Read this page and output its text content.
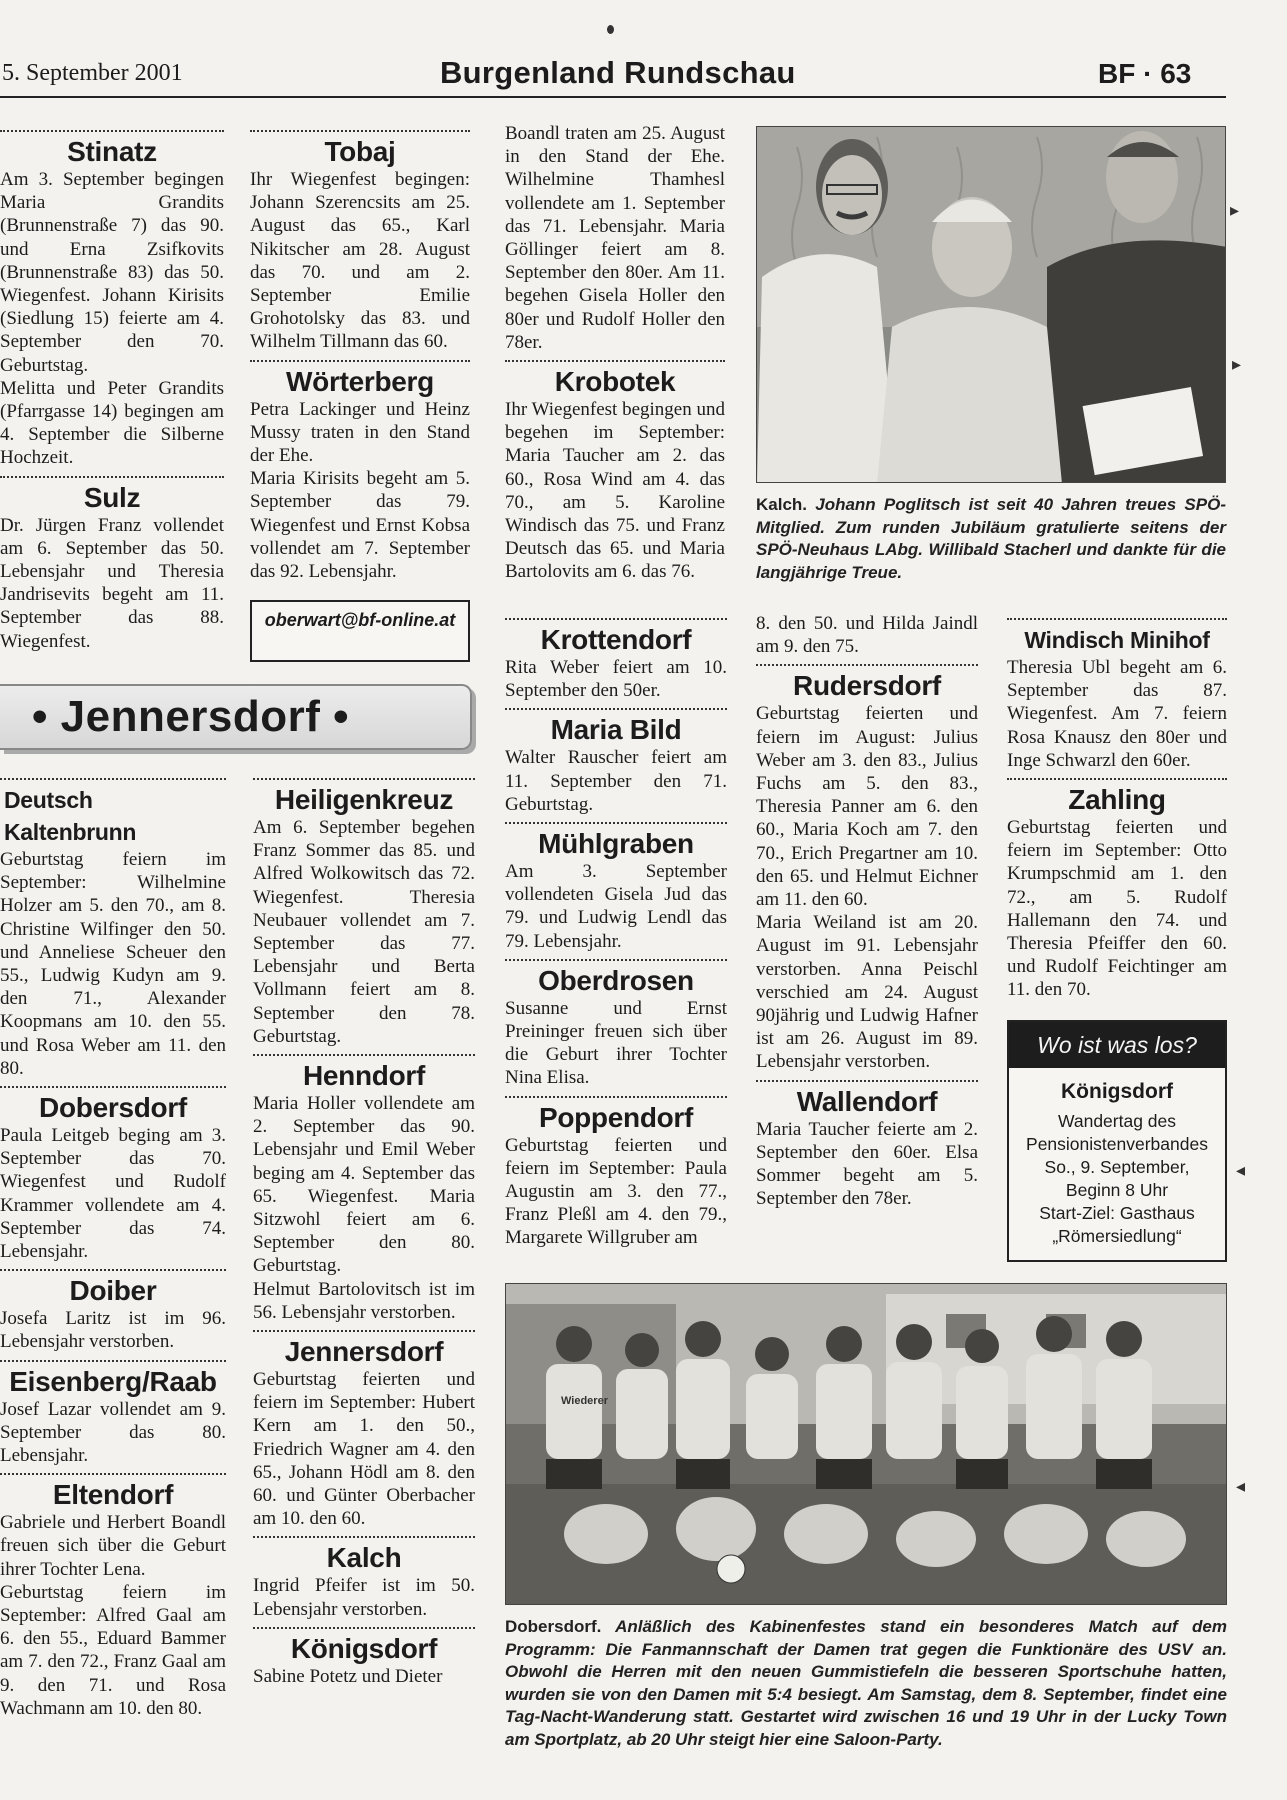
5. September 2001	Burgenland Rundschau	BF · 63
Stinatz
Am 3. September begingen Maria Grandits (Brunnenstraße 7) das 90. und Erna Zsifkovits (Brunnenstraße 83) das 50. Wiegenfest. Johann Kirisits (Siedlung 15) feierte am 4. September den 70. Geburtstag.
Melitta und Peter Grandits (Pfarrgasse 14) begingen am 4. September die Silberne Hochzeit.
Sulz
Dr. Jürgen Franz vollendet am 6. September das 50. Lebensjahr und Theresia Jandrisevits begeht am 11. September das 88. Wiegenfest.
Tobaj
Ihr Wiegenfest begingen: Johann Szerencsits am 25. August das 65., Karl Nikitscher am 28. August das 70. und am 2. September Emilie Grohotolsky das 83. und Wilhelm Tillmann das 60.
Wörterberg
Petra Lackinger und Heinz Mussy traten in den Stand der Ehe.
Maria Kirisits begeht am 5. September das 79. Wiegenfest und Ernst Kobsa vollendet am 7. September das 92. Lebensjahr.
oberwart@bf-online.at
Boandl traten am 25. August in den Stand der Ehe. Wilhelmine Thamhesl vollendete am 1. September das 71. Lebensjahr. Maria Göllinger feiert am 8. September den 80er. Am 11. begehen Gisela Holler den 80er und Rudolf Holler den 78er.
Krobotek
Ihr Wiegenfest begingen und begehen im September: Maria Taucher am 2. das 60., Rosa Wind am 4. das 70., am 5. Karoline Windisch das 75. und Franz Deutsch das 65. und Maria Bartolovits am 6. das 76.
Kalch. Johann Poglitsch ist seit 40 Jahren treues SPÖ-Mitglied. Zum runden Jubiläum gratulierte seitens der SPÖ-Neuhaus LAbg. Willibald Stacherl und dankte für die langjährige Treue.
• Jennersdorf •
Deutsch Kaltenbrunn
Geburtstag feiern im September: Wilhelmine Holzer am 5. den 70., am 8. Christine Wilfinger den 50. und Anneliese Scheuer den 55., Ludwig Kudyn am 9. den 71., Alexander Koopmans am 10. den 55. und Rosa Weber am 11. den 80.
Dobersdorf
Paula Leitgeb beging am 3. September das 70. Wiegenfest und Rudolf Krammer vollendete am 4. September das 74. Lebensjahr.
Doiber
Josefa Laritz ist im 96. Lebensjahr verstorben.
Eisenberg/Raab
Josef Lazar vollendet am 9. September das 80. Lebensjahr.
Eltendorf
Gabriele und Herbert Boandl freuen sich über die Geburt ihrer Tochter Lena.
Geburtstag feiern im September: Alfred Gaal am 6. den 55., Eduard Bammer am 7. den 72., Franz Gaal am 9. den 71. und Rosa Wachmann am 10. den 80.
Heiligenkreuz
Am 6. September begehen Franz Sommer das 85. und Alfred Wolkowitsch das 72. Wiegenfest. Theresia Neubauer vollendet am 7. September das 77. Lebensjahr und Berta Vollmann feiert am 8. September den 78. Geburtstag.
Henndorf
Maria Holler vollendete am 2. September das 90. Lebensjahr und Emil Weber beging am 4. September das 65. Wiegenfest. Maria Sitzwohl feiert am 6. September den 80. Geburtstag.
Helmut Bartolovitsch ist im 56. Lebensjahr verstorben.
Jennersdorf
Geburtstag feierten und feiern im September: Hubert Kern am 1. den 50., Friedrich Wagner am 4. den 65., Johann Hödl am 8. den 60. und Günter Oberbacher am 10. den 60.
Kalch
Ingrid Pfeifer ist im 50. Lebensjahr verstorben.
Königsdorf
Sabine Potetz und Dieter
Krottendorf
Rita Weber feiert am 10. September den 50er.
Maria Bild
Walter Rauscher feiert am 11. September den 71. Geburtstag.
Mühlgraben
Am 3. September vollendeten Gisela Jud das 79. und Ludwig Lendl das 79. Lebensjahr.
Oberdrosen
Susanne und Ernst Preininger freuen sich über die Geburt ihrer Tochter Nina Elisa.
Poppendorf
Geburtstag feierten und feiern im September: Paula Augustin am 3. den 77., Franz Pleßl am 4. den 79., Margarete Willgruber am
8. den 50. und Hilda Jaindl am 9. den 75.
Rudersdorf
Geburtstag feierten und feiern im August: Julius Weber am 3. den 83., Julius Fuchs am 5. den 83., Theresia Panner am 6. den 60., Maria Koch am 7. den 70., Erich Pregartner am 10. den 65. und Helmut Eichner am 11. den 60.
Maria Weiland ist am 20. August im 91. Lebensjahr verstorben. Anna Peischl verschied am 24. August 90jährig und Ludwig Hafner ist am 26. August im 89. Lebensjahr verstorben.
Wallendorf
Maria Taucher feierte am 2. September den 60er. Elsa Sommer begeht am 5. September den 78er.
Windisch Minihof
Theresia Ubl begeht am 6. September das 87. Wiegenfest. Am 7. feiern Rosa Knausz den 80er und Inge Schwarzl den 60er.
Zahling
Geburtstag feierten und feiern im September: Otto Krumpschmid am 1. den 72., am 5. Rudolf Hallemann den 74. und Theresia Pfeiffer den 60. und Rudolf Feichtinger am 11. den 70.
Wo ist was los?
Königsdorf
Wandertag des Pensionistenverbandes
So., 9. September, Beginn 8 Uhr
Start-Ziel: Gasthaus „Römersiedlung“
Wiederer
Dobersdorf. Anläßlich des Kabinenfestes stand ein besonderes Match auf dem Programm: Die Fanmannschaft der Damen trat gegen die Funktionäre des USV an. Obwohl die Herren mit den neuen Gummistiefeln die besseren Sportschuhe hatten, wurden sie von den Damen mit 5:4 besiegt. Am Samstag, dem 8. September, findet eine Tag-Nacht-Wanderung statt. Gestartet wird zwischen 16 und 19 Uhr in der Lucky Town am Sportplatz, ab 20 Uhr steigt hier eine Saloon-Party.
▸
▸
◂
◂
